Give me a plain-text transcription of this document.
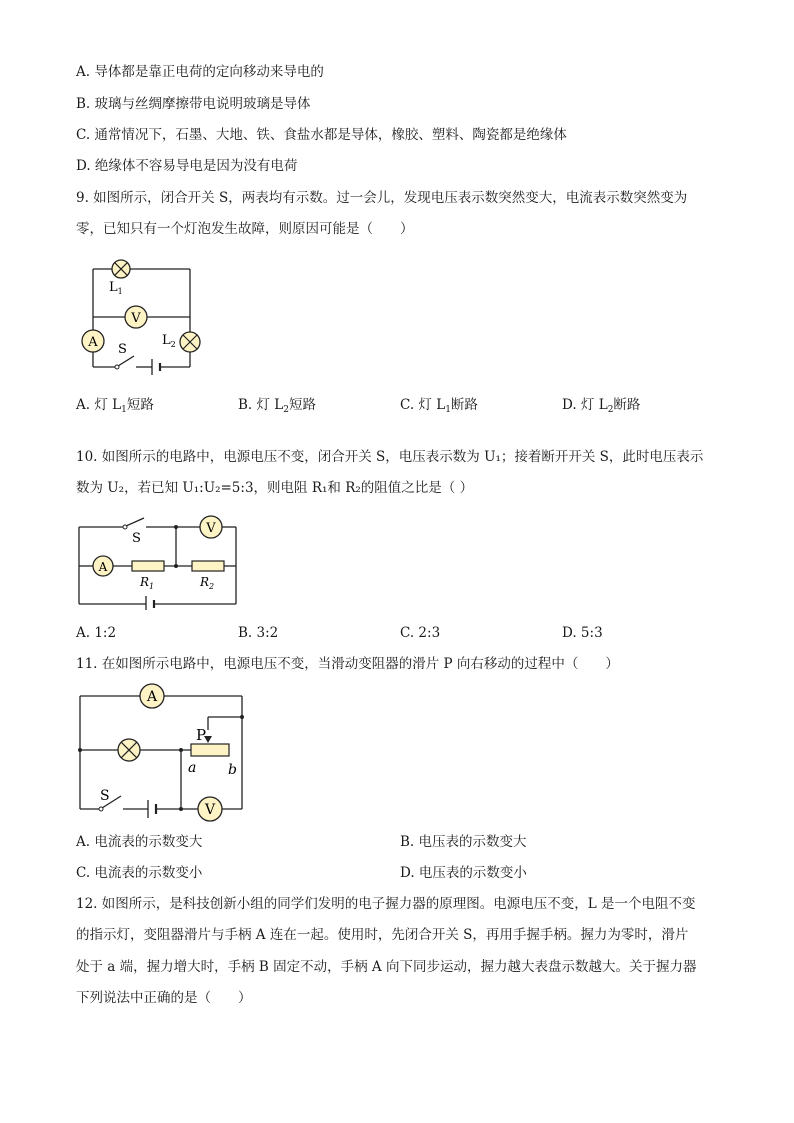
A. 导体都是靠正电荷的定向移动来导电的
B. 玻璃与丝绸摩擦带电说明玻璃是导体
C. 通常情况下，石墨、大地、铁、食盐水都是导体，橡胶、塑料、陶瓷都是绝缘体
D. 绝缘体不容易导电是因为没有电荷
9. 如图所示，闭合开关 S，两表均有示数。过一会儿，发现电压表示数突然变大，电流表示数突然变为
零，已知只有一个灯泡发生故障，则原因可能是（　　）
$L_1$
V
A	$L_2$
S
A. 灯 $L_1$短路	B. 灯 $L_2$短路	C. 灯 $L_1$断路	D. 灯 $L_2$断路
10. 如图所示的电路中，电源电压不变，闭合开关 S，电压表示数为 U₁；接着断开开关 S，此时电压表示
数为 U₂，若已知 U₁:U₂=5:3，则电阻 R₁和 R₂的阻值之比是（ ）
S
V
A
$R_1$	$R_2$
A. 1:2	B. 3:2	C. 2:3	D. 5:3
11. 在如图所示电路中，电源电压不变，当滑动变阻器的滑片 P 向右移动的过程中（　　）
A
P
a b
S
V
A. 电流表的示数变大	B. 电压表的示数变大
C. 电流表的示数变小	D. 电压表的示数变小
12. 如图所示，是科技创新小组的同学们发明的电子握力器的原理图。电源电压不变，L 是一个电阻不变
的指示灯，变阻器滑片与手柄 A 连在一起。使用时，先闭合开关 S，再用手握手柄。握力为零时，滑片
处于 a 端，握力增大时，手柄 B 固定不动，手柄 A 向下同步运动，握力越大表盘示数越大。关于握力器
下列说法中正确的是（　　）
